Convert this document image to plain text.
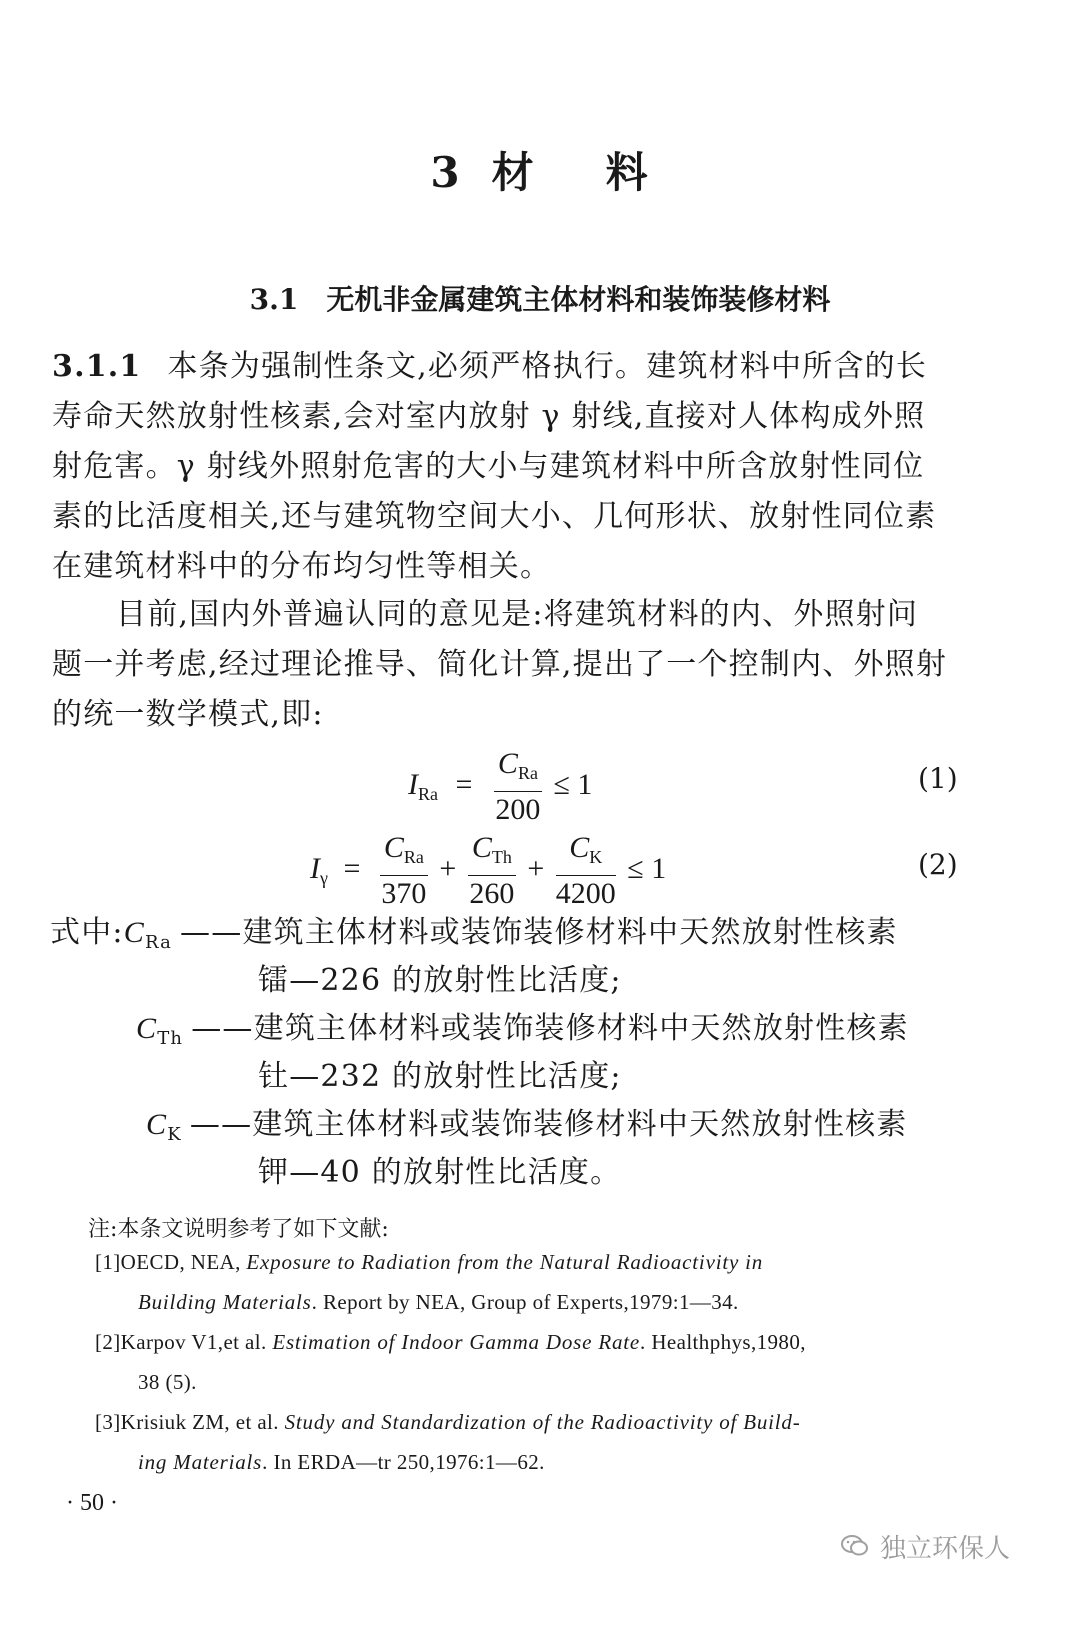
3 材 料
3.1 无机非金属建筑主体材料和装饰装修材料
3.1.1 本条为强制性条文,必须严格执行。建筑材料中所含的长
寿命天然放射性核素,会对室内放射 γ 射线,直接对人体构成外照
射危害。γ 射线外照射危害的大小与建筑材料中所含放射性同位
素的比活度相关,还与建筑物空间大小、几何形状、放射性同位素
在建筑材料中的分布均匀性等相关。
目前,国内外普遍认同的意见是:将建筑材料的内、外照射问
题一并考虑,经过理论推导、简化计算,提出了一个控制内、外照射
的统一数学模式,即:
$I_{Ra} = \frac{C_{Ra}}{200} \le 1$	(1)
$I_\gamma = \frac{C_{Ra}}{370} + \frac{C_{Th}}{260} + \frac{C_K}{4200} \le 1$	(2)
式中$:C_{Ra}$ ——建筑主体材料或装饰装修材料中天然放射性核素
镭—226 的放射性比活度;
$C_{Th}$ ——建筑主体材料或装饰装修材料中天然放射性核素
钍—232 的放射性比活度;
$C_K$ ——建筑主体材料或装饰装修材料中天然放射性核素
钾—40 的放射性比活度。
注:本条文说明参考了如下文献:
[1]OECD, NEA, Exposure to Radiation from the Natural Radioactivity in
Building Materials. Report by NEA, Group of Experts,1979:1—34.
[2]Karpov V1,et al. Estimation of Indoor Gamma Dose Rate. Healthphys,1980,
38 (5).
[3]Krisiuk ZM, et al. Study and Standardization of the Radioactivity of Build-
ing Materials. In ERDA—tr 250,1976:1—62.
· 50 ·
独立环保人
